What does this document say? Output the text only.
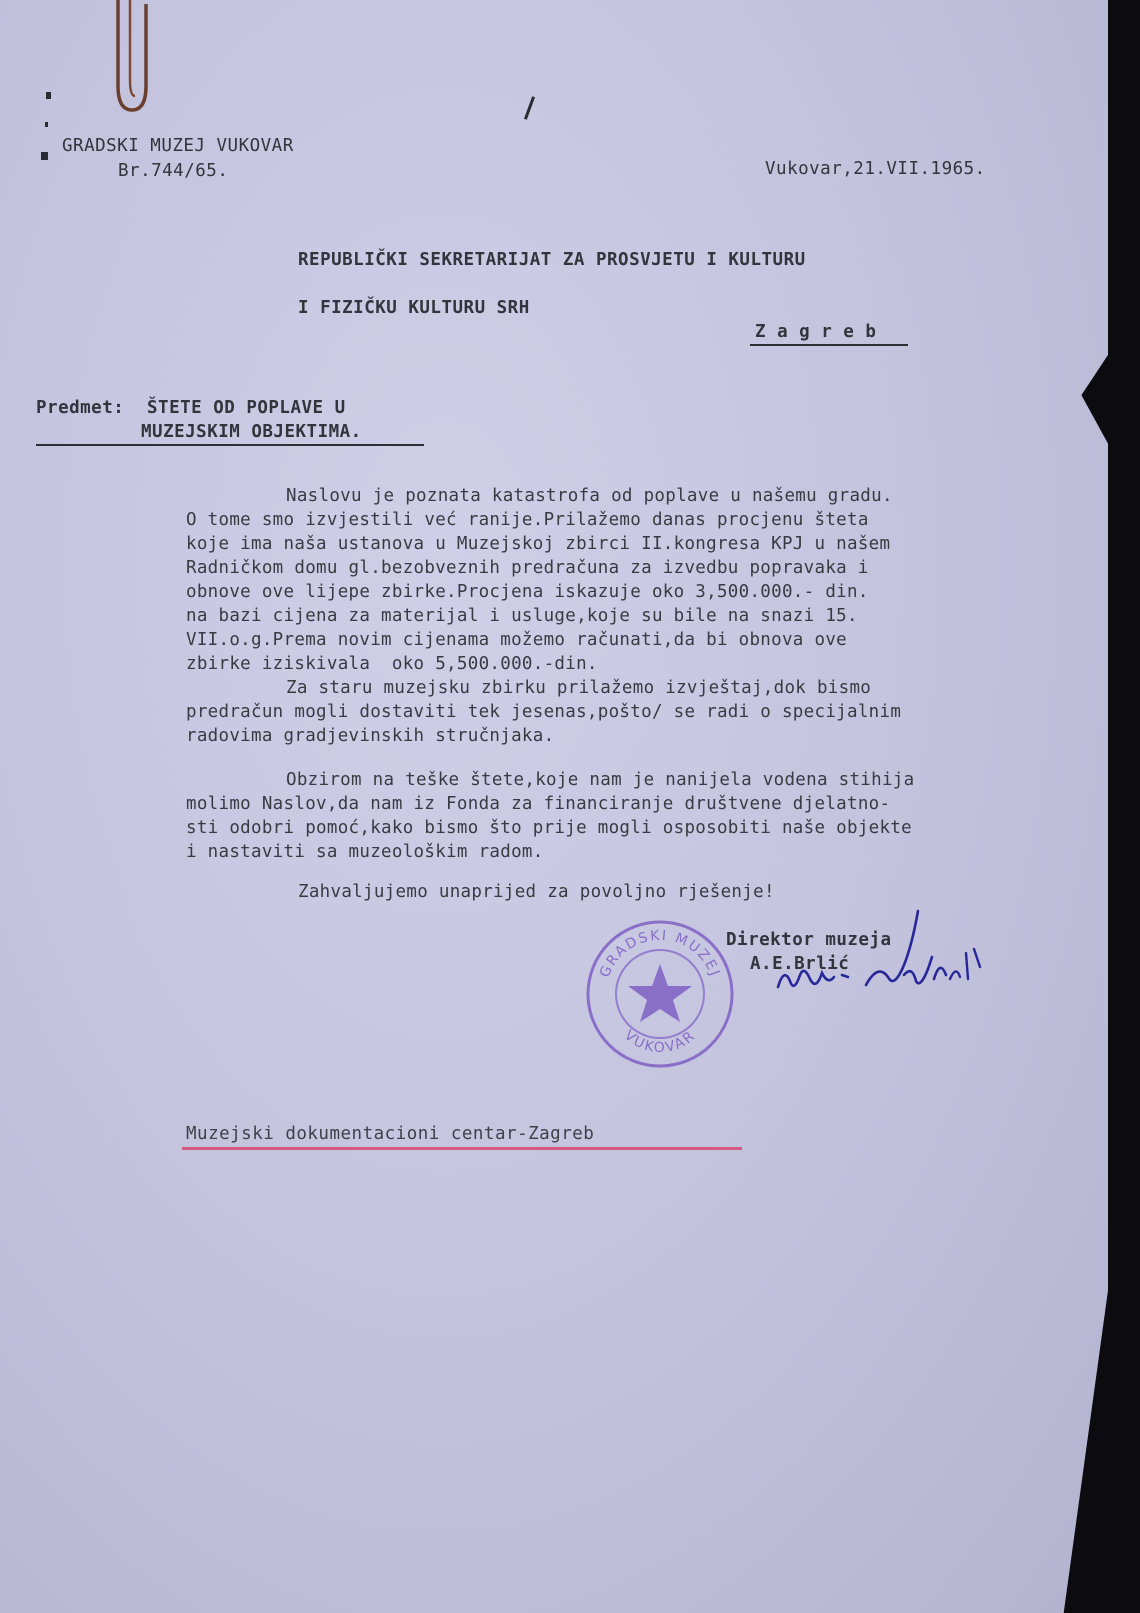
GRADSKI MUZEJ VUKOVAR
Br.744/65.	Vukovar,21.VII.1965.
REPUBLIČKI SEKRETARIJAT ZA PROSVJETU I KULTURU
I FIZIČKU KULTURU SRH
Z a g r e b
Predmet: ŠTETE OD POPLAVE U
MUZEJSKIM OBJEKTIMA.
Naslovu je poznata katastrofa od poplave u našemu gradu.
O tome smo izvjestili već ranije.Prilažemo danas procjenu šteta
koje ima naša ustanova u Muzejskoj zbirci II.kongresa KPJ u našem
Radničkom domu gl.bezobveznih predračuna za izvedbu popravaka i
obnove ove lijepe zbirke.Procjena iskazuje oko 3,500.000.- din.
na bazi cijena za materijal i usluge,koje su bile na snazi 15.
VII.o.g.Prema novim cijenama možemo računati,da bi obnova ove
zbirke iziskivala  oko 5,500.000.-din.
Za staru muzejsku zbirku prilažemo izvještaj,dok bismo
predračun mogli dostaviti tek jesenas,pošto/ se radi o specijalnim
radovima gradjevinskih stručnjaka.
Obzirom na teške štete,koje nam je nanijela vodena stihija
molimo Naslov,da nam iz Fonda za financiranje društvene djelatno-
sti odobri pomoć,kako bismo što prije mogli osposobiti naše objekte
i nastaviti sa muzeološkim radom.
Zahvaljujemo unaprijed za povoljno rješenje!
GRADSKI MUZEJ
VUKOVAR
Direktor muzeja
A.E.Brlić
Muzejski dokumentacioni centar-Zagreb
